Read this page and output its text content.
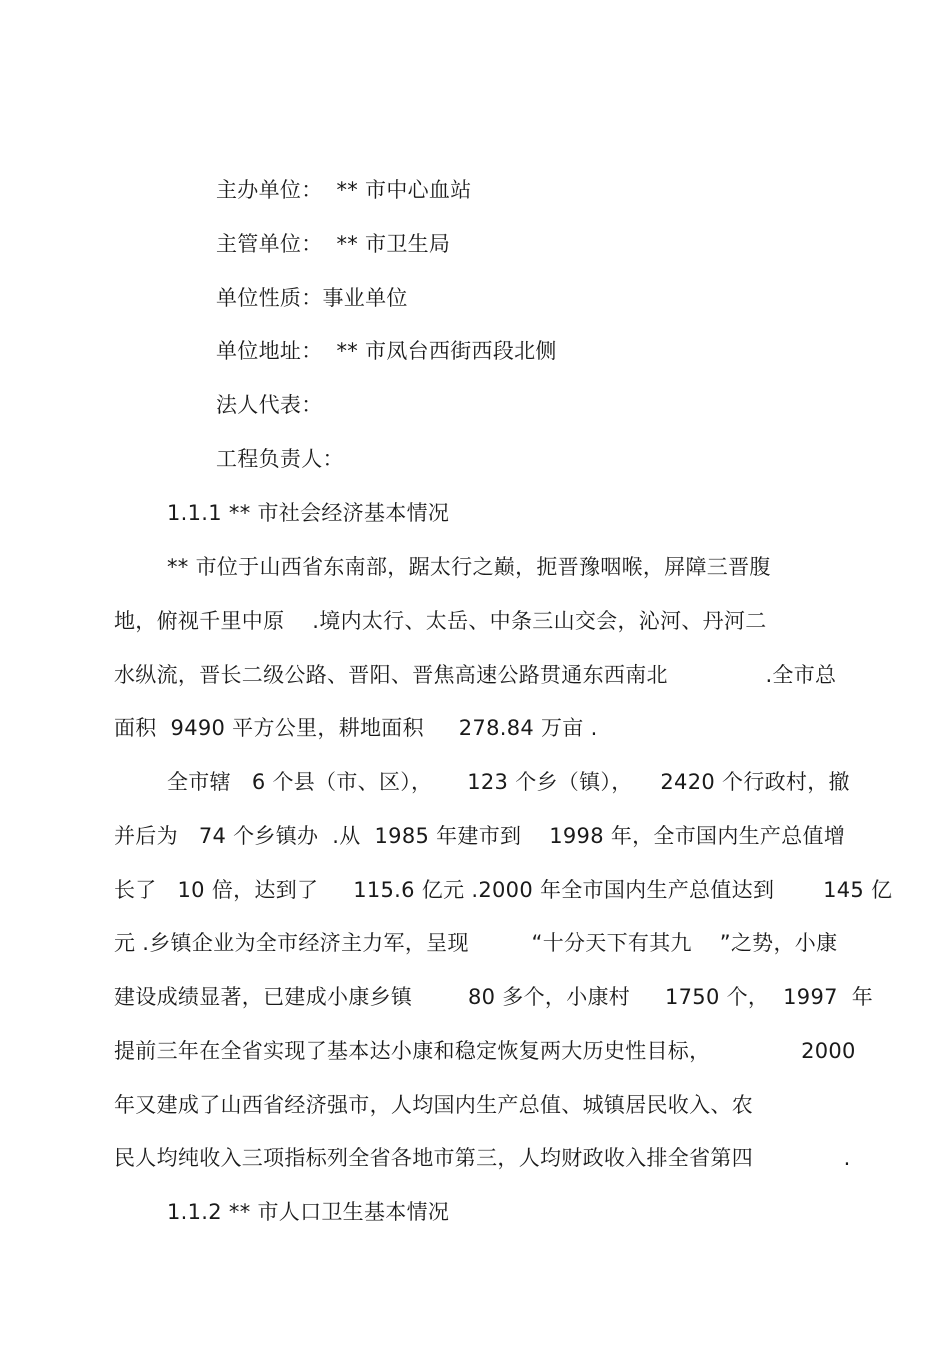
主办单位：  ** 市中心血站
主管单位：  ** 市卫生局
单位性质：事业单位
单位地址：  ** 市凤台西街西段北侧
法人代表：
工程负责人：
1.1.1 ** 市社会经济基本情况
** 市位于山西省东南部，踞太行之巅，扼晋豫咽喉，屏障三晋腹
地，俯视千里中原    .境内太行、太岳、中条三山交会，沁河、丹河二
水纵流，晋长二级公路、晋阳、晋焦高速公路贯通东西南北              .全市总
面积  9490 平方公里，耕地面积     278.84 万亩 .
全市辖   6 个县（市、区），     123 个乡（镇），    2420 个行政村，撤
并后为   74 个乡镇办  .从  1985 年建市到    1998 年，全市国内生产总值增
长了   10 倍，达到了     115.6 亿元 .2000 年全市国内生产总值达到       145 亿
元 .乡镇企业为全市经济主力军，呈现         “十分天下有其九    ”之势，小康
建设成绩显著，已建成小康乡镇        80 多个，小康村     1750 个，  1997  年
提前三年在全省实现了基本达小康和稳定恢复两大历史性目标，             2000
年又建成了山西省经济强市，人均国内生产总值、城镇居民收入、农
民人均纯收入三项指标列全省各地市第三，人均财政收入排全省第四             .
1.1.2 ** 市人口卫生基本情况
